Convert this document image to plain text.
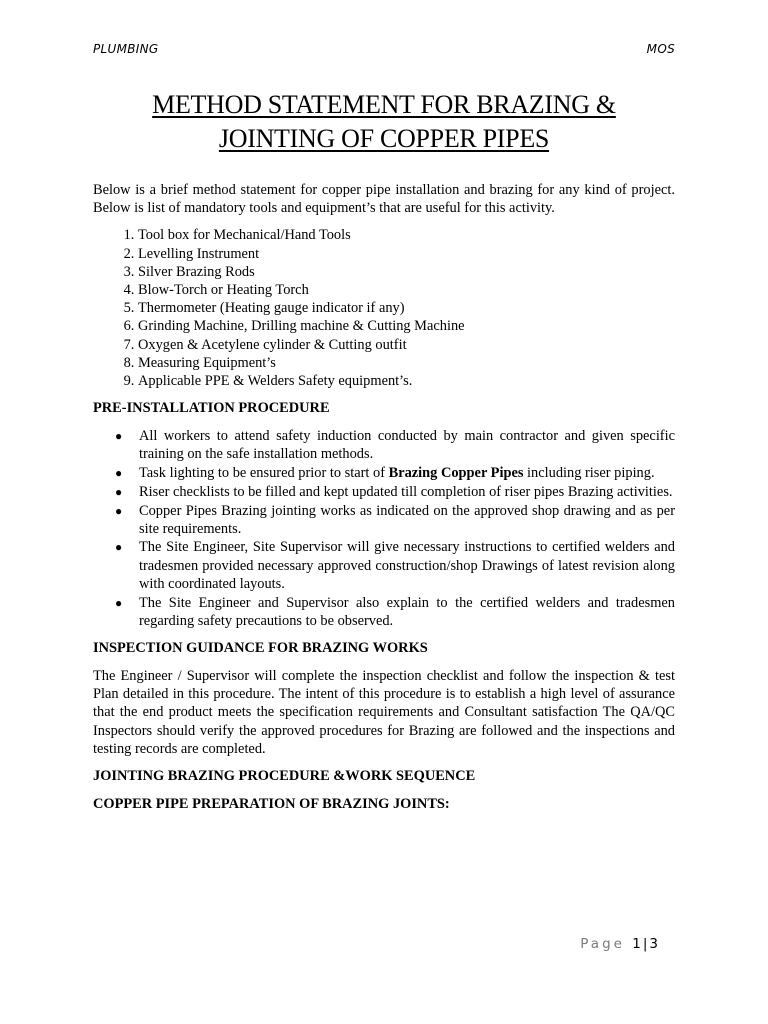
PLUMBING	MOS
METHOD STATEMENT FOR BRAZING &
JOINTING OF COPPER PIPES

Below is a brief method statement for copper pipe installation and brazing for any kind of project. Below is list of mandatory tools and equipment’s that are useful for this activity.

1. Tool box for Mechanical/Hand Tools
2. Levelling Instrument
3. Silver Brazing Rods
4. Blow-Torch or Heating Torch
5. Thermometer (Heating gauge indicator if any)
6. Grinding Machine, Drilling machine & Cutting Machine
7. Oxygen & Acetylene cylinder & Cutting outfit
8. Measuring Equipment’s
9. Applicable PPE & Welders Safety equipment’s.
PRE-INSTALLATION PROCEDURE
● All workers to attend safety induction conducted by main contractor and given specific training on the safe installation methods.
● Task lighting to be ensured prior to start of Brazing Copper Pipes including riser piping.
● Riser checklists to be filled and kept updated till completion of riser pipes Brazing activities.
● Copper Pipes Brazing jointing works as indicated on the approved shop drawing and as per site requirements.
● The Site Engineer, Site Supervisor will give necessary instructions to certified welders and tradesmen provided necessary approved construction/shop Drawings of latest revision along with coordinated layouts.
● The Site Engineer and Supervisor also explain to the certified welders and tradesmen regarding safety precautions to be observed.
INSPECTION GUIDANCE FOR BRAZING WORKS

The Engineer / Supervisor will complete the inspection checklist and follow the inspection & test Plan detailed in this procedure. The intent of this procedure is to establish a high level of assurance that the end product meets the specification requirements and Consultant satisfaction The QA/QC Inspectors should verify the approved procedures for Brazing are followed and the inspections and testing records are completed.

JOINTING BRAZING PROCEDURE &WORK SEQUENCE
COPPER PIPE PREPARATION OF BRAZING JOINTS:
Page 1 | 3
